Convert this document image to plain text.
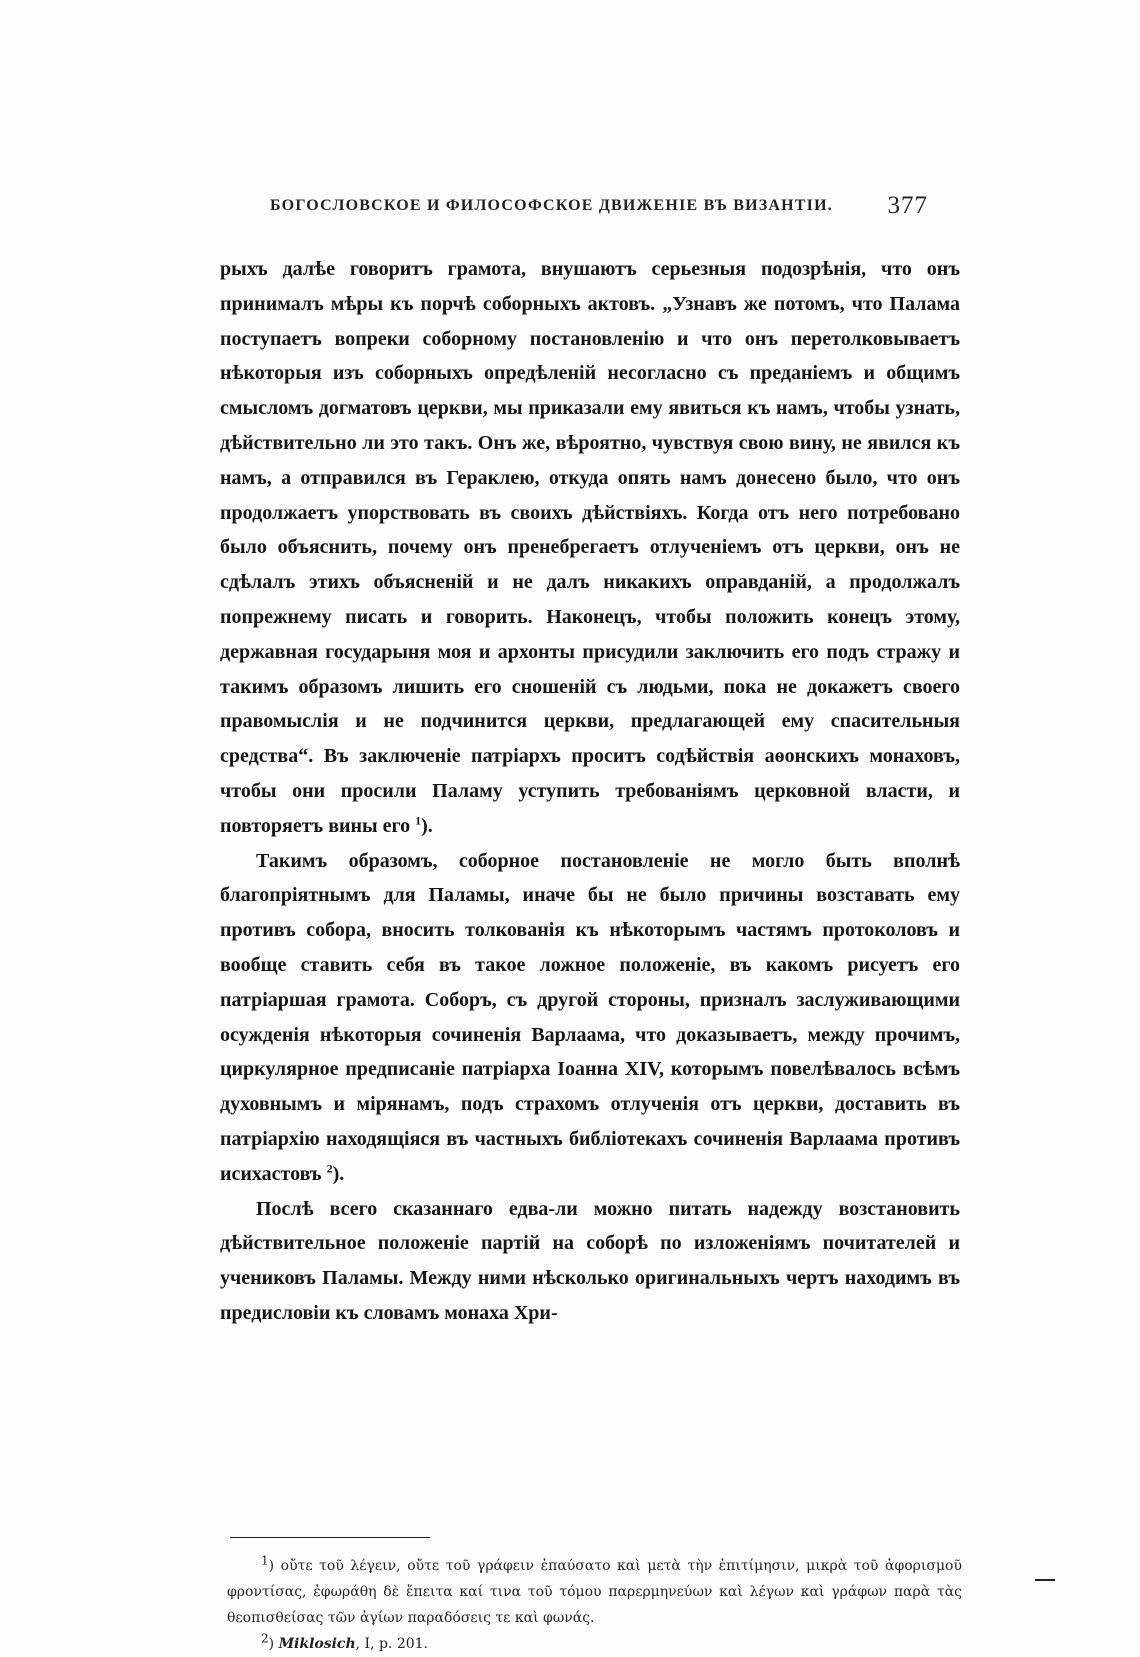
БОГОСЛОВСКОЕ И ФИЛОСОФСКОЕ ДВИЖЕНІЕ ВЪ ВИЗАНТІИ. 377

рыхъ далѣе говоритъ грамота, внушаютъ серьезныя подозрѣнія, что онъ принималъ мѣры къ порчѣ соборныхъ актовъ. „Узнавъ же потомъ, что Палама поступаетъ вопреки соборному постановленію и что онъ перетолковываетъ нѣкоторыя изъ соборныхъ опредѣленій несогласно съ преданіемъ и общимъ смысломъ догматовъ церкви, мы приказали ему явиться къ намъ, чтобы узнать, дѣйствительно ли это такъ. Онъ же, вѣроятно, чувствуя свою вину, не явился къ намъ, а отправился въ Гераклею, откуда опять намъ донесено было, что онъ продолжаетъ упорствовать въ своихъ дѣйствіяхъ. Когда отъ него потребовано было объяснить, почему онъ пренебрегаетъ отлученіемъ отъ церкви, онъ не сдѣлалъ этихъ объясненій и не далъ никакихъ оправданій, а продолжалъ попрежнему писать и говорить. Наконецъ, чтобы положить конецъ этому, державная государыня моя и архонты присудили заключить его подъ стражу и такимъ образомъ лишить его сношеній съ людьми, пока не докажетъ своего правомыслія и не подчинится церкви, предлагающей ему спасительныя средства“. Въ заключеніе патріархъ проситъ содѣйствія аѳонскихъ монаховъ, чтобы они просили Паламу уступить требованіямъ церковной власти, и повторяетъ вины его $^1$).

Такимъ образомъ, соборное постановленіе не могло быть вполнѣ благопріятнымъ для Паламы, иначе бы не было причины возставать ему противъ собора, вносить толкованія къ нѣкоторымъ частямъ протоколовъ и вообще ставить себя въ такое ложное положеніе, въ какомъ рисуетъ его патріаршая грамота. Соборъ, съ другой стороны, призналъ заслуживающими осужденія нѣкоторыя сочиненія Варлаама, что доказываетъ, между прочимъ, циркулярное предписаніе патріарха Іоанна XIV, которымъ повелѣвалось всѣмъ духовнымъ и мірянамъ, подъ страхомъ отлученія отъ церкви, доставить въ патріархію находящіяся въ частныхъ библіотекахъ сочиненія Варлаама противъ исихастовъ $^2$).

Послѣ всего сказаннаго едва-ли можно питать надежду возстановить дѣйствительное положеніе партій на соборѣ по изложеніямъ почитателей и учениковъ Паламы. Между ними нѣсколько оригинальныхъ чертъ находимъ въ предисловіи къ словамъ монаха Хри-

$^1$) οὔτε τοῦ λέγειν, οὔτε τοῦ γράφειν ἐπαύσατο καὶ μετὰ τὴν ἐπιτίμησιν, μικρὰ τοῦ ἀφορισμοῦ φροντίσας, ἐφωράθη δὲ ἔπειτα καί τινα τοῦ τόμου παρερμηνεύων καὶ λέγων καὶ γράφων παρὰ τὰς θεοπισθείσας τῶν ἁγίων παραδόσεις τε καὶ φωνάς.

$^2$) Miklosich, I, p. 201.
